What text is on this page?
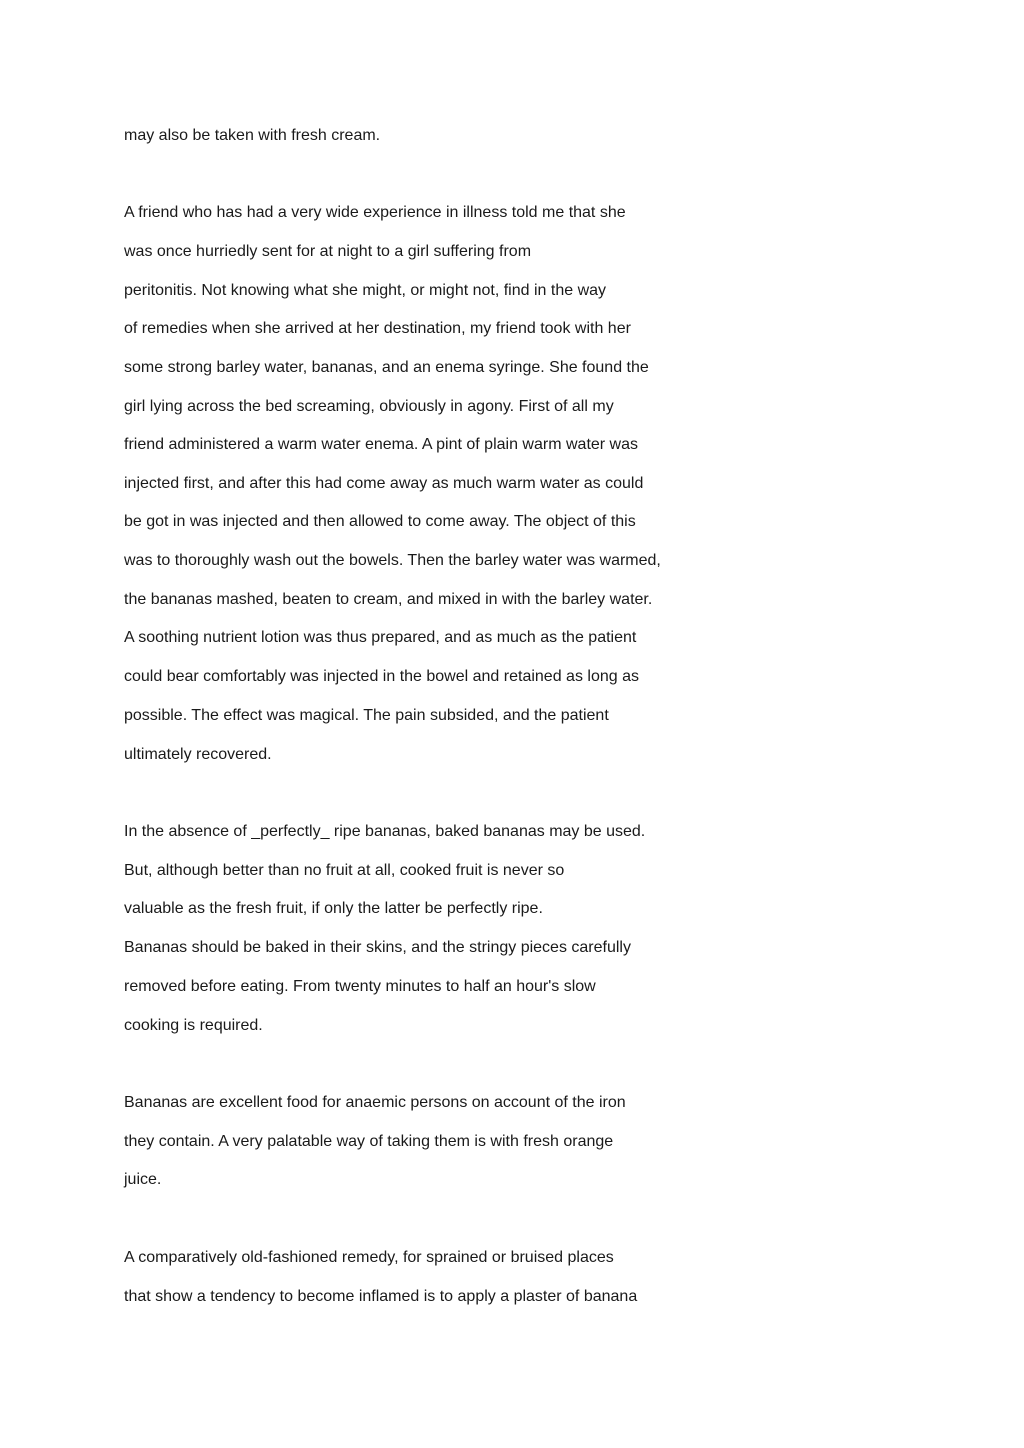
may also be taken with fresh cream.

A friend who has had a very wide experience in illness told me that she

was once hurriedly sent for at night to a girl suffering from

peritonitis. Not knowing what she might, or might not, find in the way

of remedies when she arrived at her destination, my friend took with her

some strong barley water, bananas, and an enema syringe. She found the

girl lying across the bed screaming, obviously in agony. First of all my

friend administered a warm water enema. A pint of plain warm water was

injected first, and after this had come away as much warm water as could

be got in was injected and then allowed to come away. The object of this

was to thoroughly wash out the bowels. Then the barley water was warmed,

the bananas mashed, beaten to cream, and mixed in with the barley water.

A soothing nutrient lotion was thus prepared, and as much as the patient

could bear comfortably was injected in the bowel and retained as long as

possible. The effect was magical. The pain subsided, and the patient

ultimately recovered.

In the absence of _perfectly_ ripe bananas, baked bananas may be used.

But, although better than no fruit at all, cooked fruit is never so

valuable as the fresh fruit, if only the latter be perfectly ripe.

Bananas should be baked in their skins, and the stringy pieces carefully

removed before eating. From twenty minutes to half an hour's slow

cooking is required.

Bananas are excellent food for anaemic persons on account of the iron

they contain. A very palatable way of taking them is with fresh orange

juice.

A comparatively old-fashioned remedy, for sprained or bruised places

that show a tendency to become inflamed is to apply a plaster of banana
